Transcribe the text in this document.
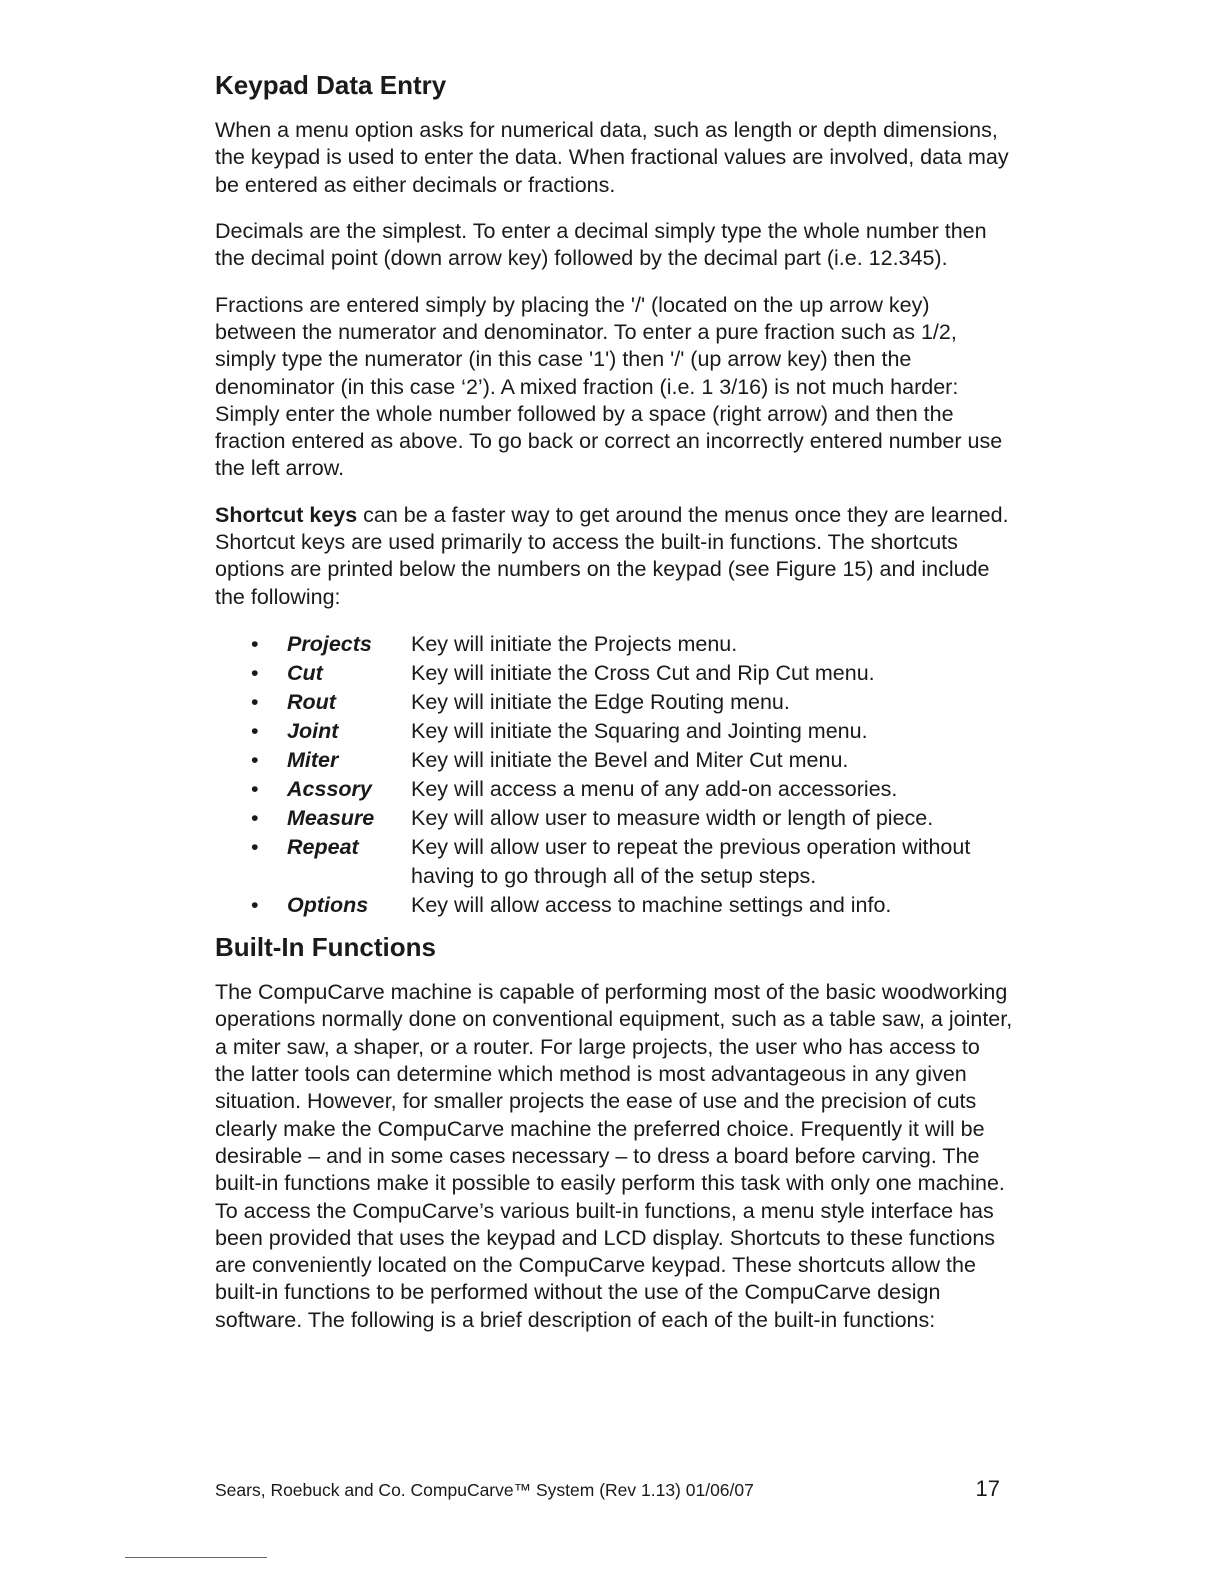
Keypad Data Entry

When a menu option asks for numerical data, such as length or depth dimensions, the keypad is used to enter the data. When fractional values are involved, data may be entered as either decimals or fractions.

Decimals are the simplest. To enter a decimal simply type the whole number then the decimal point (down arrow key) followed by the decimal part (i.e. 12.345).

Fractions are entered simply by placing the '/' (located on the up arrow key) between the numerator and denominator. To enter a pure fraction such as 1/2, simply type the numerator (in this case '1') then '/' (up arrow key) then the denominator (in this case ‘2’). A mixed fraction (i.e. 1 3/16) is not much harder: Simply enter the whole number followed by a space (right arrow) and then the fraction entered as above. To go back or correct an incorrectly entered number use the left arrow.

Shortcut keys can be a faster way to get around the menus once they are learned. Shortcut keys are used primarily to access the built-in functions. The shortcuts options are printed below the numbers on the keypad (see Figure 15) and include the following:

•	Projects	Key will initiate the Projects menu.
•	Cut	Key will initiate the Cross Cut and Rip Cut menu.
•	Rout	Key will initiate the Edge Routing menu.
•	Joint	Key will initiate the Squaring and Jointing menu.
•	Miter	Key will initiate the Bevel and Miter Cut menu.
•	Acssory	Key will access a menu of any add-on accessories.
•	Measure	Key will allow user to measure width or length of piece.
•	Repeat	Key will allow user to repeat the previous operation without having to go through all of the setup steps.
•	Options	Key will allow access to machine settings and info.
Built-In Functions

The CompuCarve machine is capable of performing most of the basic woodworking operations normally done on conventional equipment, such as a table saw, a jointer, a miter saw, a shaper, or a router. For large projects, the user who has access to the latter tools can determine which method is most advantageous in any given situation. However, for smaller projects the ease of use and the precision of cuts clearly make the CompuCarve machine the preferred choice. Frequently it will be desirable – and in some cases necessary – to dress a board before carving. The built-in functions make it possible to easily perform this task with only one machine. To access the CompuCarve’s various built-in functions, a menu style interface has been provided that uses the keypad and LCD display. Shortcuts to these functions are conveniently located on the CompuCarve keypad. These shortcuts allow the built-in functions to be performed without the use of the CompuCarve design software. The following is a brief description of each of the built-in functions:

Sears, Roebuck and Co. CompuCarve™ System (Rev 1.13) 01/06/07	17
